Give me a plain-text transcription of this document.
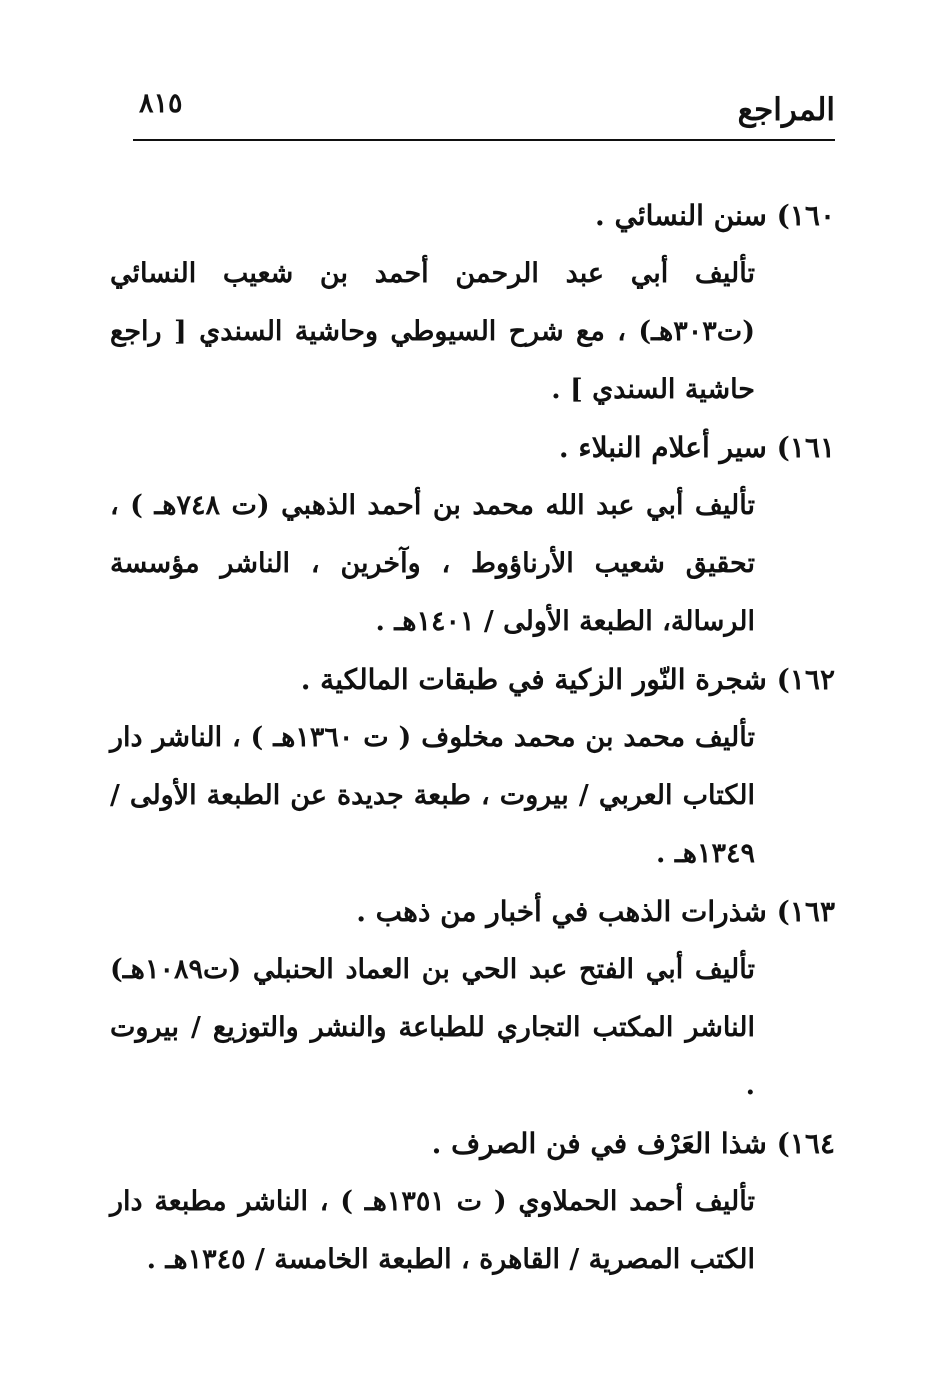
المراجع
٨١٥
١٦٠) سنن النسائي .
تأليف أبي عبد الرحمن أحمد بن شعيب النسائي (ت٣٠٣هـ) ، مع شرح السيوطي وحاشية السندي [ راجع حاشية السندي ] .
١٦١) سير أعلام النبلاء .
تأليف أبي عبد الله محمد بن أحمد الذهبي (ت ٧٤٨هـ ) ، تحقيق شعيب الأرناؤوط ، وآخرين ، الناشر مؤسسة الرسالة، الطبعة الأولى / ١٤٠١هـ .
١٦٢) شجرة النّور الزكية في طبقات المالكية .
تأليف محمد بن محمد مخلوف ( ت ١٣٦٠هـ ) ، الناشر دار الكتاب العربي / بيروت ، طبعة جديدة عن الطبعة الأولى / ١٣٤٩هـ .
١٦٣) شذرات الذهب في أخبار من ذهب .
تأليف أبي الفتح عبد الحي بن العماد الحنبلي (ت١٠٨٩هـ) الناشر المكتب التجاري للطباعة والنشر والتوزيع / بيروت .
١٦٤) شذا العَرْف في فن الصرف .
تأليف أحمد الحملاوي ( ت ١٣٥١هـ ) ، الناشر مطبعة دار الكتب المصرية / القاهرة ، الطبعة الخامسة / ١٣٤٥هـ .
